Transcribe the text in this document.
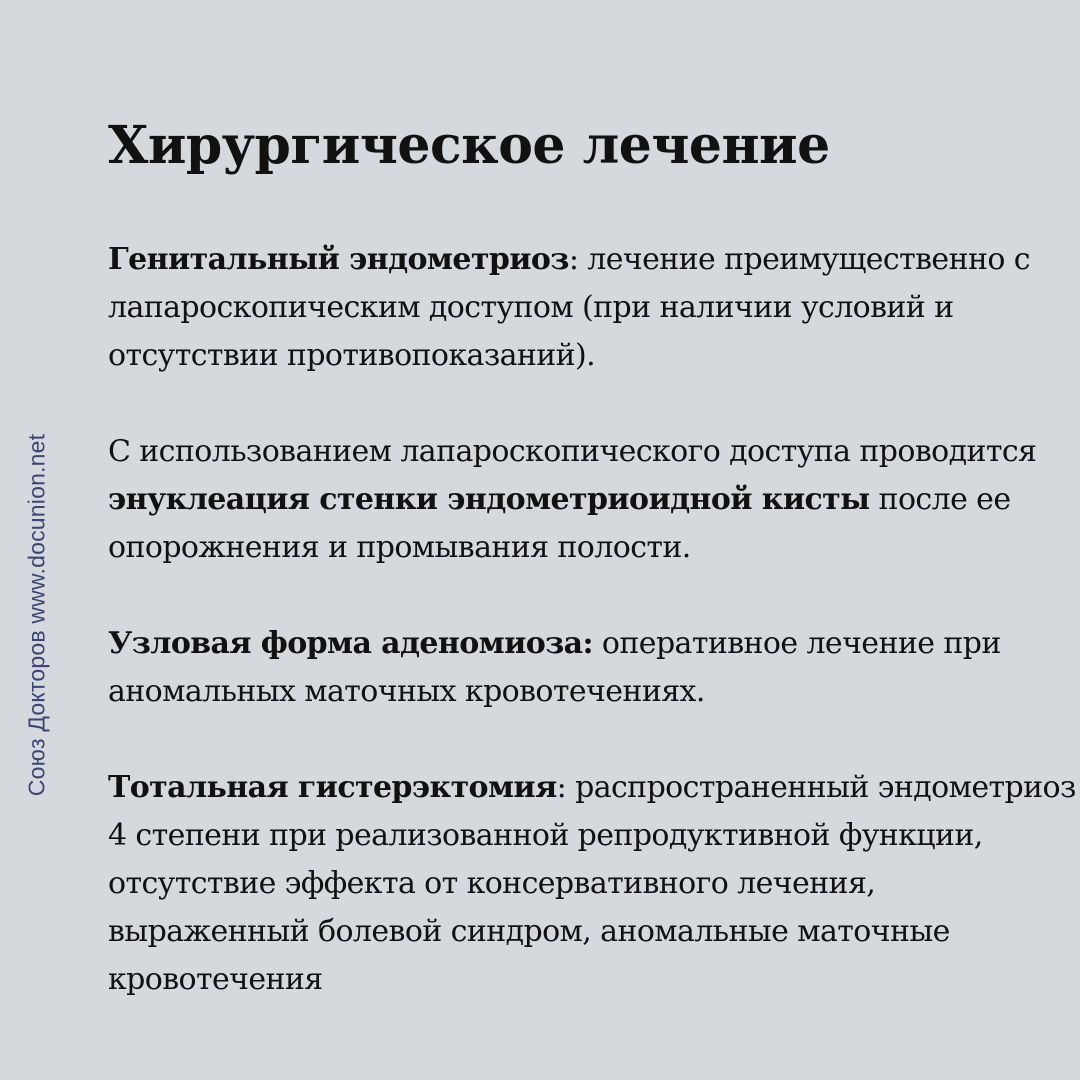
Союз Докторов www.docunion.net
Хирургическое лечение

Генитальный эндометриоз: лечение преимущественно с лапароскопическим доступом (при наличии условий и отсутствии противопоказаний).

С использованием лапароскопического доступа проводится энуклеация стенки эндометриоидной кисты после ее опорожнения и промывания полости.

Узловая форма аденомиоза: оперативное лечение при аномальных маточных кровотечениях.

Тотальная гистерэктомия: распространенный эндометриоз 4 степени при реализованной репродуктивной функции, отсутствие эффекта от консервативного лечения, выраженный болевой синдром, аномальные маточные кровотечения
